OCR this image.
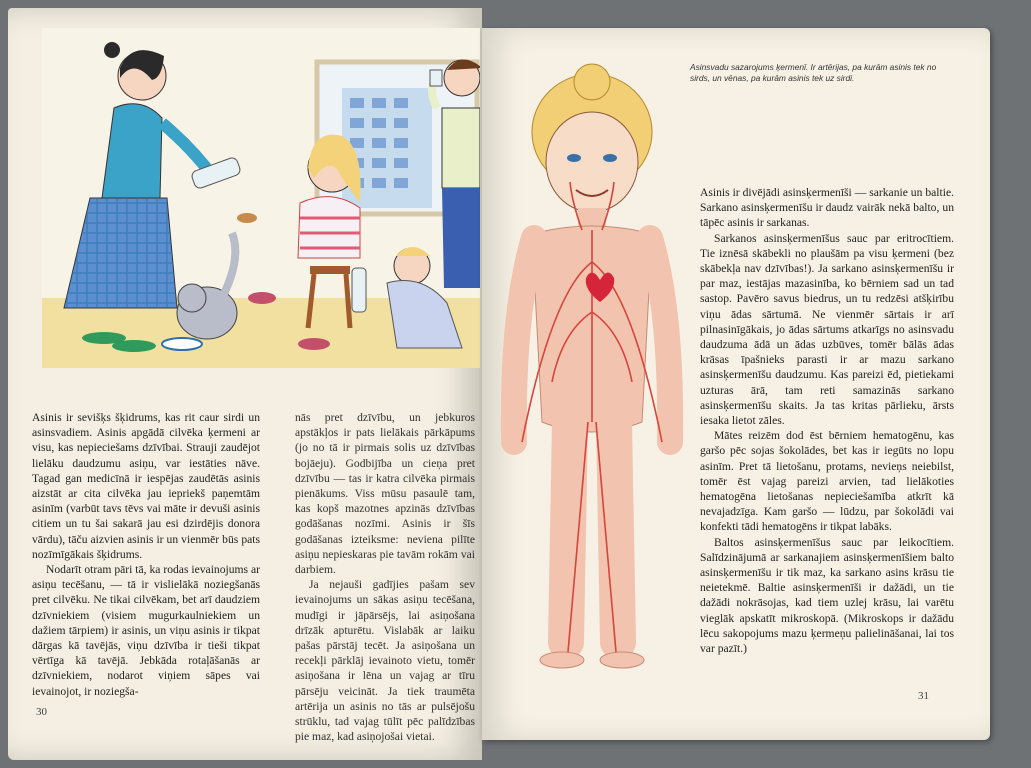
Asinis ir sevišķs šķidrums, kas rit caur sirdi un asinsvadiem. Asinis apgādā cilvēka ķermeni ar visu, kas nepieciešams dzīvībai. Strauji zaudējot lielāku daudzumu asiņu, var iestāties nāve. Tagad gan medicīnā ir iespējas zaudētās asinis aizstāt ar cita cilvēka jau iepriekš paņemtām asinīm (varbūt tavs tēvs vai māte ir devuši asinis citiem un tu šai sakarā jau esi dzirdējis donora vārdu), tāču aizvien asinis ir un vienmēr būs pats nozīmīgākais šķidrums.

Nodarīt otram pāri tā, ka rodas ievainojums ar asiņu tecēšanu, — tā ir vislielākā noziegšanās pret cilvēku. Ne tikai cilvēkam, bet arī daudziem dzīvniekiem (visiem mugurkaulniekiem un dažiem tārpiem) ir asinis, un viņu asinis ir tikpat dārgas kā tavējās, viņu dzīvība ir tieši tikpat vērtīga kā tavējā. Jebkāda rotaļāšanās ar dzīvniekiem, nodarot viņiem sāpes vai ievainojot, ir noziegša-

nās pret dzīvību, un jebkuros apstākļos ir pats lielākais pārkāpums (jo no tā ir pirmais solis uz dzīvības bojāeju). Godbijība un cieņa pret dzīvību — tas ir katra cilvēka pirmais pienākums. Viss mūsu pasaulē tam, kas kopš mazotnes apzinās dzīvības godāšanas nozīmi. Asinis ir šīs godāšanas izteiksme: neviena pilīte asiņu nepieskaras pie tavām rokām vai darbiem.

Ja nejauši gadījies pašam sev ievainojums un sākas asiņu tecēšana, mudīgi ir jāpārsējs, lai asiņošana drīzāk apturētu. Vislabāk ar laiku pašas pārstāj tecēt. Ja asiņošana un recekļi pārklāj ievainoto vietu, tomēr asiņošana ir lēna un vajag ar tīru pārsēju veicināt. Ja tiek traumēta artērija un asinis no tās ar pulsējošu strūklu, tad vajag tūlīt pēc palīdzības pie maz, kad asiņojošai vietai.

30
Asinsvadu sazarojums ķermenī. Ir artērijas, pa kurām asinis tek no sirds, un vēnas, pa kurām asinis tek uz sirdi.

Asinis ir divējādi asinsķermenīši — sarkanie un baltie. Sarkano asinsķermenīšu ir daudz vairāk nekā balto, un tāpēc asinis ir sarkanas.

Sarkanos asinsķermenīšus sauc par eritrocītiem. Tie iznēsā skābekli no plaušām pa visu ķermeni (bez skābekļa nav dzīvības!). Ja sarkano asinsķermenīšu ir par maz, iestājas mazasinība, ko bērniem sad un tad sastop. Pavēro savus biedrus, un tu redzēsi atšķirību viņu ādas sārtumā. Ne vienmēr sārtais ir arī pilnasinīgākais, jo ādas sārtums atkarīgs no asinsvadu daudzuma ādā un ādas uzbūves, tomēr bālās ādas krāsas īpašnieks parasti ir ar mazu sarkano asinsķermenīšu daudzumu. Kas pareizi ēd, pietiekami uzturas ārā, tam reti samazinās sarkano asinsķermenīšu skaits. Ja tas kritas pārlieku, ārsts iesaka lietot zāles.

Mātes reizēm dod ēst bērniem hematogēnu, kas garšo pēc sojas šokolādes, bet kas ir iegūts no lopu asinīm. Pret tā lietošanu, protams, nevieņs neiebilst, tomēr ēst vajag pareizi arvien, tad lielākoties hematogēna lietošanas nepieciešamība atkrīt kā nevajadzīga. Kam garšo — lūdzu, par šokolādi vai konfekti tādi hematogēns ir tikpat labāks.

Baltos asinsķermenīšus sauc par leikocītiem. Salīdzinājumā ar sarkanajiem asinsķermenīšiem balto asinsķermenīšu ir tik maz, ka sarkano asins krāsu tie neietekmē. Baltie asinsķermenīši ir dažādi, un tie dažādi nokrāsojas, kad tiem uzlej krāsu, lai varētu vieglāk apskatīt mikroskopā. (Mikroskops ir dažādu lēcu sakopojums mazu ķermeņu palielināšanai, lai tos var pazīt.)

31
